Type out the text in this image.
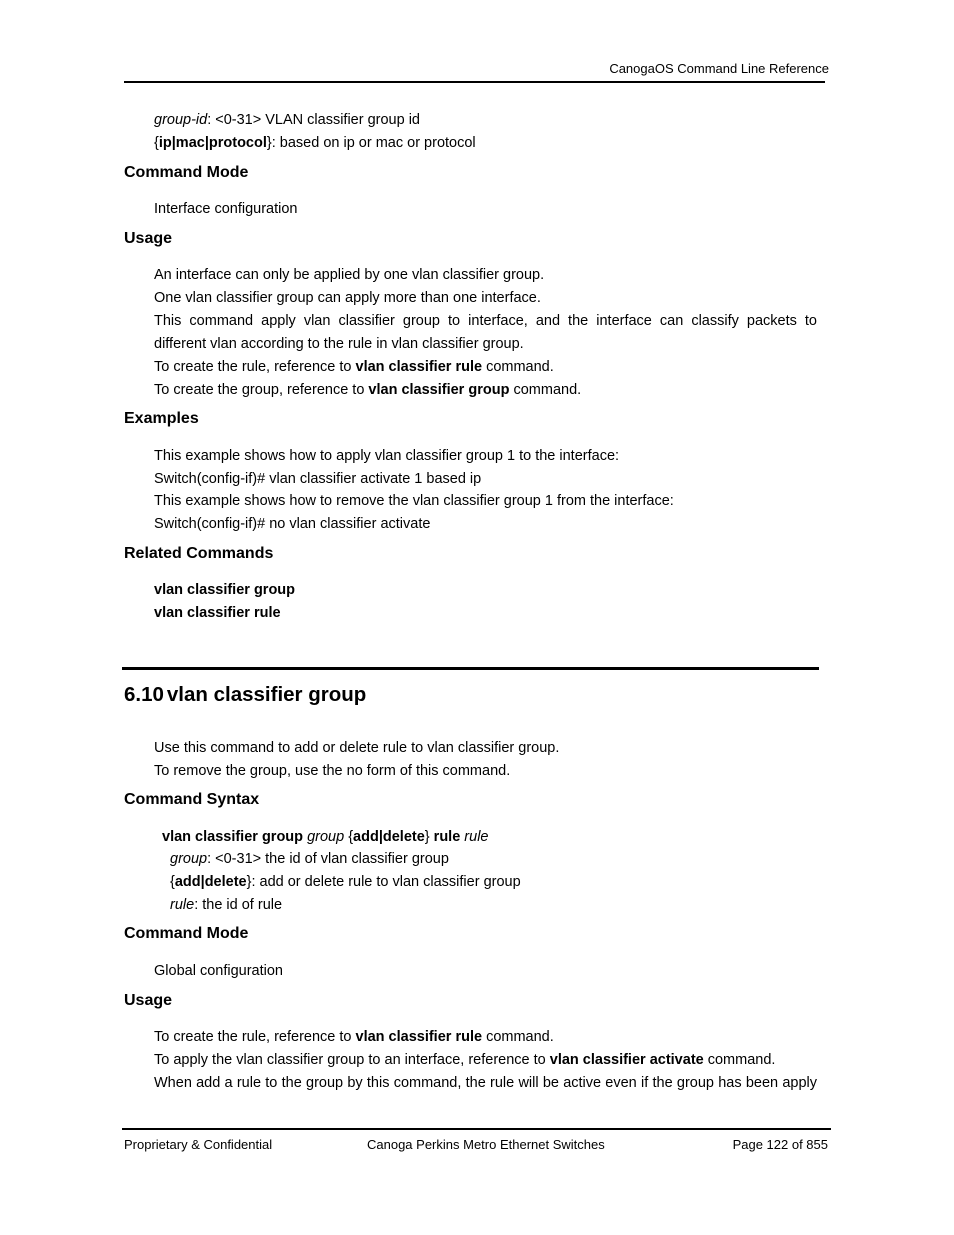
CanogaOS Command Line Reference
group-id: <0-31> VLAN classifier group id
{ip|mac|protocol}: based on ip or mac or protocol
Command Mode
Interface configuration
Usage
An interface can only be applied by one vlan classifier group.
One vlan classifier group can apply more than one interface.
This command apply vlan classifier group to interface, and the interface can classify packets to
different vlan according to the rule in vlan classifier group.
To create the rule, reference to vlan classifier rule command.
To create the group, reference to vlan classifier group command.
Examples
This example shows how to apply vlan classifier group 1 to the interface:
Switch(config-if)# vlan classifier activate 1 based ip
This example shows how to remove the vlan classifier group 1 from the interface:
Switch(config-if)# no vlan classifier activate
Related Commands
vlan classifier group
vlan classifier rule
6.10 vlan classifier group
Use this command to add or delete rule to vlan classifier group.
To remove the group, use the no form of this command.
Command Syntax
vlan classifier group group {add|delete} rule rule
group: <0-31> the id of vlan classifier group
{add|delete}: add or delete rule to vlan classifier group
rule: the id of rule
Command Mode
Global configuration
Usage
To create the rule, reference to vlan classifier rule command.
To apply the vlan classifier group to an interface, reference to vlan classifier activate command.
When add a rule to the group by this command, the rule will be active even if the group has been apply
Proprietary & Confidential	Canoga Perkins Metro Ethernet Switches	Page 122 of 855
